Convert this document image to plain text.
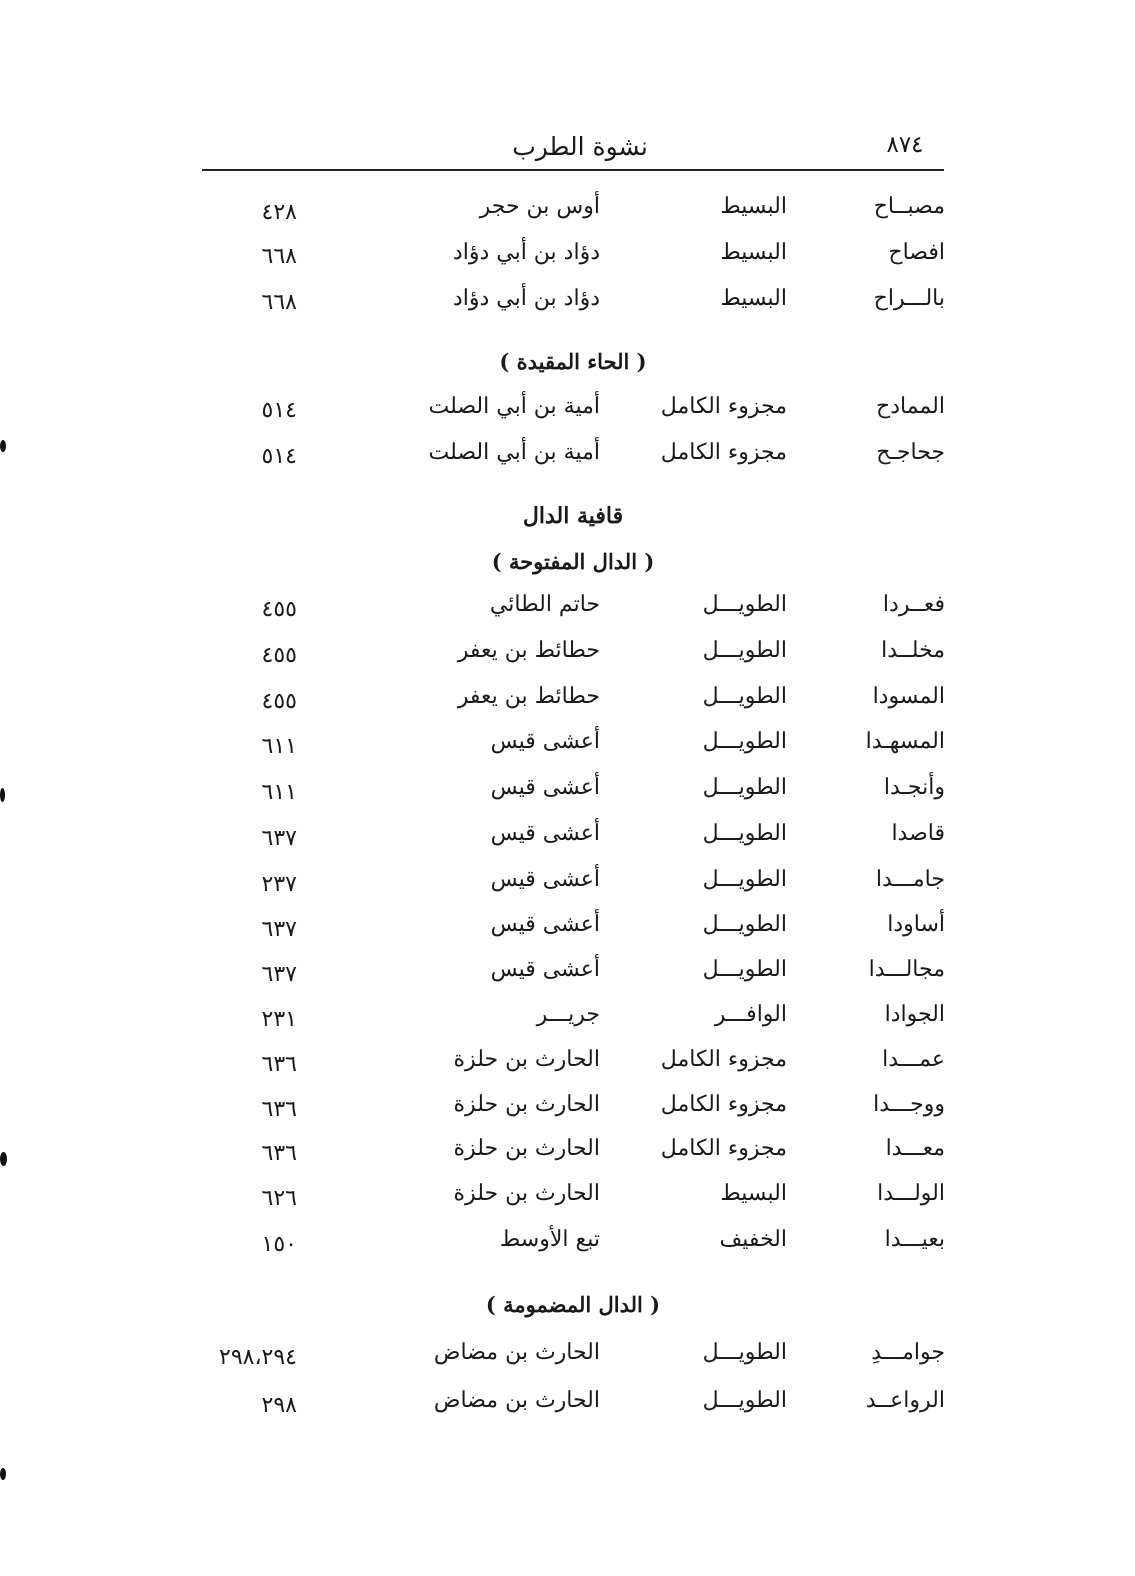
نشوة الطرب	٨٧٤
مصبــاح
البسيط
أوس بن حجر
٤٢٨
افصاح
البسيط
دؤاد بن أبي دؤاد
٦٦٨
بالـــراح
البسيط
دؤاد بن أبي دؤاد
٦٦٨
( الحاء المقيدة )
الممادح
مجزوء الكامل
أمية بن أبي الصلت
٥١٤
جحاجـح
مجزوء الكامل
أمية بن أبي الصلت
٥١٤
قافية الدال
( الدال المفتوحة )
فعــردا
الطويـــل
حاتم الطائي
٤٥٥
مخلــدا
الطويـــل
حطائط بن يعفر
٤٥٥
المسودا
الطويـــل
حطائط بن يعفر
٤٥٥
المسهـدا
الطويـــل
أعشى قيس
٦١١
وأنجـدا
الطويـــل
أعشى قيس
٦١١
قاصدا
الطويـــل
أعشى قيس
٦٣٧
جامـــدا
الطويـــل
أعشى قيس
٢٣٧
أساودا
الطويـــل
أعشى قيس
٦٣٧
مجالـــدا
الطويـــل
أعشى قيس
٦٣٧
الجوادا
الوافـــر
جريـــر
٢٣١
عمـــدا
مجزوء الكامل
الحارث بن حلزة
٦٣٦
ووجـــدا
مجزوء الكامل
الحارث بن حلزة
٦٣٦
معـــدا
مجزوء الكامل
الحارث بن حلزة
٦٣٦
الولـــدا
البسيط
الحارث بن حلزة
٦٢٦
بعيـــدا
الخفيف
تبع الأوسط
١٥٠
( الدال المضمومة )
جوامـــدِ
الطويـــل
الحارث بن مضاض
٢٩٨،٢٩٤
الرواعــد
الطويـــل
الحارث بن مضاض
٢٩٨
